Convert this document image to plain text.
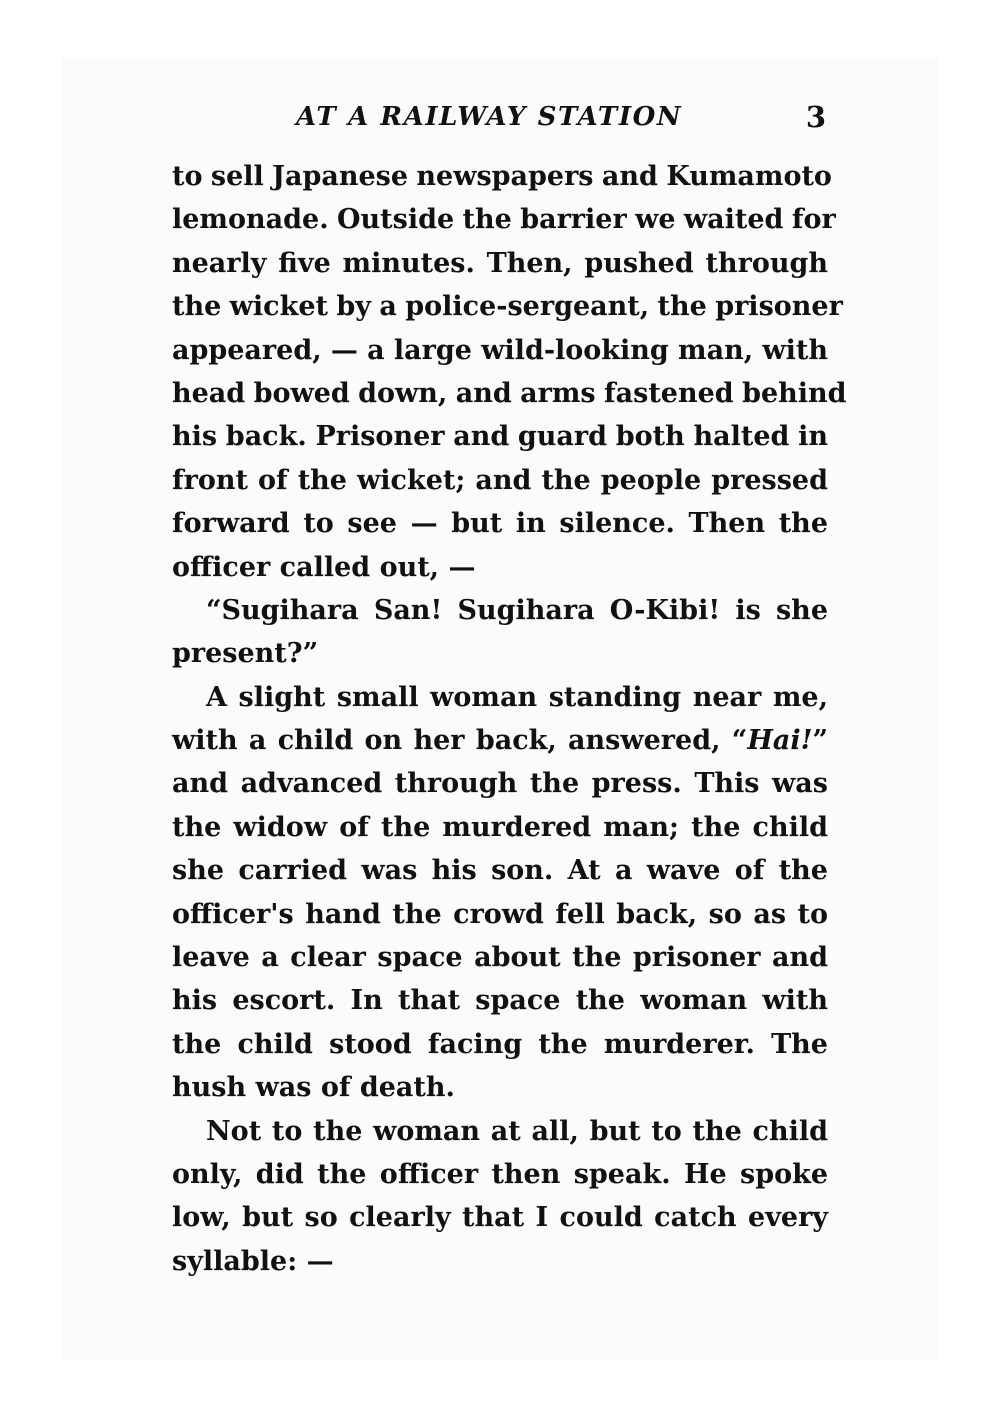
AT A RAILWAY STATION	3
to sell Japanese newspapers and Kumamoto
lemonade. Outside the barrier we waited for
nearly five minutes. Then, pushed through
the wicket by a police-sergeant, the prisoner
appeared, — a large wild-looking man, with
head bowed down, and arms fastened behind
his back. Prisoner and guard both halted in
front of the wicket; and the people pressed
forward to see — but in silence. Then the
officer called out, —
“Sugihara San! Sugihara O-Kibi! is she
present?”
A slight small woman standing near me,
with a child on her back, answered, “Hai!”
and advanced through the press. This was
the widow of the murdered man; the child
she carried was his son. At a wave of the
officer's hand the crowd fell back, so as to
leave a clear space about the prisoner and
his escort. In that space the woman with
the child stood facing the murderer. The
hush was of death.
Not to the woman at all, but to the child
only, did the officer then speak. He spoke
low, but so clearly that I could catch every
syllable: —
